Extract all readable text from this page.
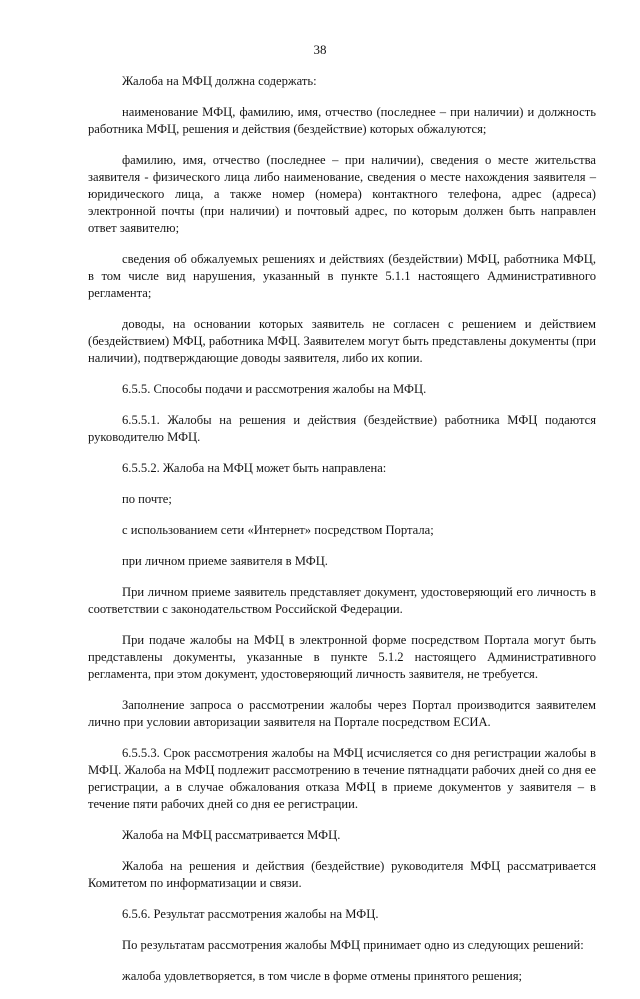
38

Жалоба на МФЦ должна содержать:

наименование МФЦ, фамилию, имя, отчество (последнее – при наличии) и должность работника МФЦ, решения и действия (бездействие) которых обжалуются;

фамилию, имя, отчество (последнее – при наличии), сведения о месте жительства заявителя - физического лица либо наименование, сведения о месте нахождения заявителя – юридического лица, а также номер (номера) контактного телефона, адрес (адреса) электронной почты (при наличии) и почтовый адрес, по которым должен быть направлен ответ заявителю;

сведения об обжалуемых решениях и действиях (бездействии) МФЦ, работника МФЦ, в том числе вид нарушения, указанный в пункте 5.1.1 настоящего Административного регламента;

доводы, на основании которых заявитель не согласен с решением и действием (бездействием) МФЦ, работника МФЦ. Заявителем могут быть представлены документы (при наличии), подтверждающие доводы заявителя, либо их копии.

6.5.5. Способы подачи и рассмотрения жалобы на МФЦ.

6.5.5.1. Жалобы на решения и действия (бездействие) работника МФЦ подаются руководителю МФЦ.

6.5.5.2. Жалоба на МФЦ может быть направлена:

по почте;

с использованием сети «Интернет» посредством Портала;

при личном приеме заявителя в МФЦ.

При личном приеме заявитель представляет документ, удостоверяющий его личность в соответствии с законодательством Российской Федерации.

При подаче жалобы на МФЦ в электронной форме посредством Портала могут быть представлены документы, указанные в пункте 5.1.2 настоящего Административного регламента, при этом документ, удостоверяющий личность заявителя, не требуется.

Заполнение запроса о рассмотрении жалобы через Портал производится заявителем лично при условии авторизации заявителя на Портале посредством ЕСИА.

6.5.5.3. Срок рассмотрения жалобы на МФЦ исчисляется со дня регистрации жалобы в МФЦ. Жалоба на МФЦ подлежит рассмотрению в течение пятнадцати рабочих дней со дня ее регистрации, а в случае обжалования отказа МФЦ в приеме документов у заявителя – в течение пяти рабочих дней со дня ее регистрации.

Жалоба на МФЦ рассматривается МФЦ.

Жалоба на решения и действия (бездействие) руководителя МФЦ рассматривается Комитетом по информатизации и связи.

6.5.6. Результат рассмотрения жалобы на МФЦ.

По результатам рассмотрения жалобы МФЦ принимает одно из следующих решений:

жалоба удовлетворяется, в том числе в форме отмены принятого решения;
